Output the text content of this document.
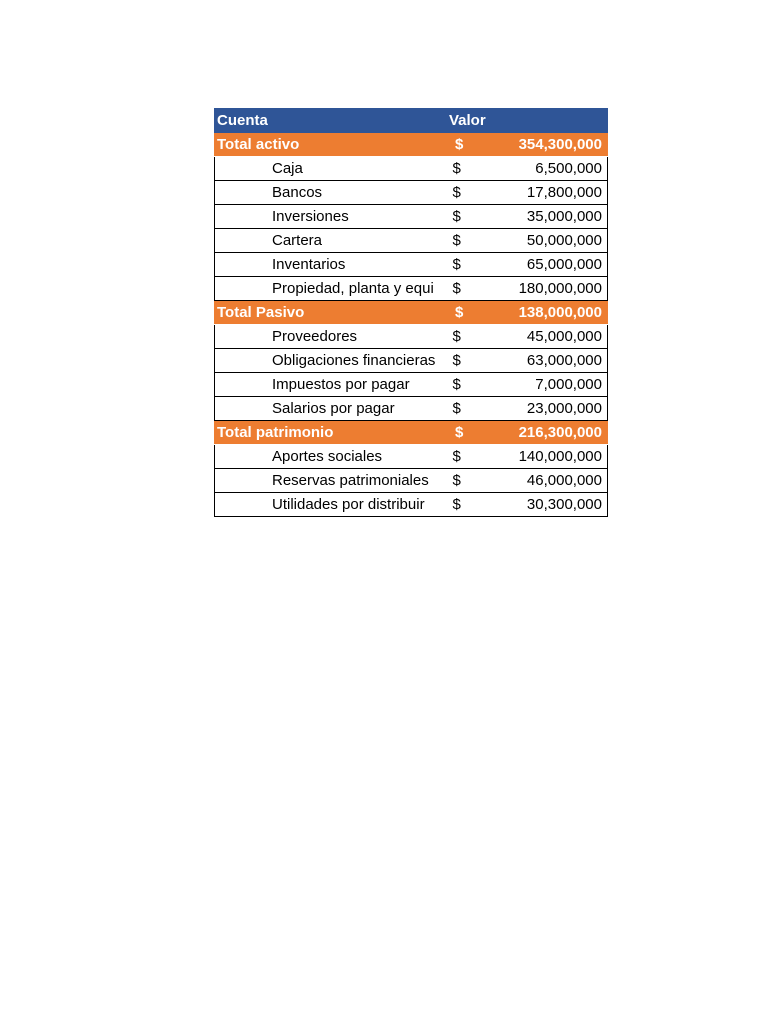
Cuenta	Valor	
Total activo	$	354,300,000
Caja	$	6,500,000
Bancos	$	17,800,000
Inversiones	$	35,000,000
Cartera	$	50,000,000
Inventarios	$	65,000,000
Propiedad, planta y equi	$	180,000,000
Total Pasivo	$	138,000,000
Proveedores	$	45,000,000
Obligaciones financieras	$	63,000,000
Impuestos por pagar	$	7,000,000
Salarios por pagar	$	23,000,000
Total patrimonio	$	216,300,000
Aportes sociales	$	140,000,000
Reservas patrimoniales	$	46,000,000
Utilidades por distribuir	$	30,300,000
